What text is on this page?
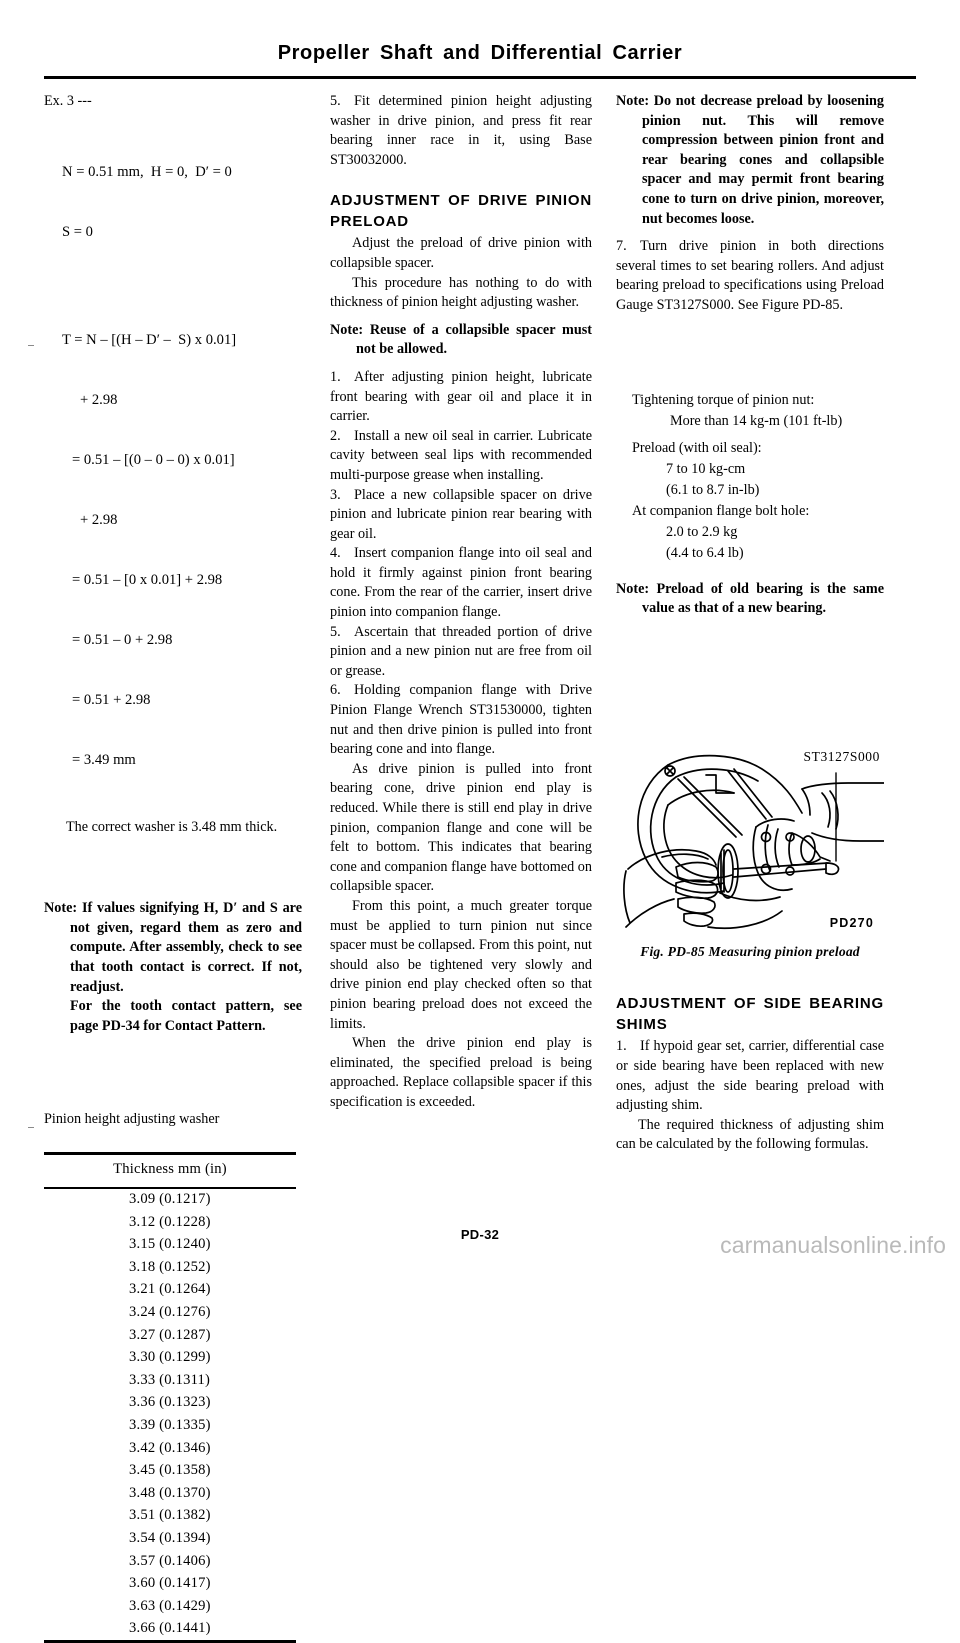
Propeller Shaft and Differential Carrier
Ex. 3 ---

N = 0.51 mm,  H = 0,  D′ = 0

S = 0

T = N – [(H – D′ –  S) x 0.01]

+ 2.98

= 0.51 – [(0 – 0 – 0) x 0.01]

+ 2.98

= 0.51 – [0 x 0.01] + 2.98

= 0.51 – 0 + 2.98

= 0.51 + 2.98

= 3.49 mm

The correct washer is 3.48 mm thick.

Note: If values signifying H, D′ and S are not given, regard them as zero and compute. After assembly, check to see that tooth contact is correct. If not, readjust.
For the tooth contact pattern, see page PD-34 for Contact Pattern.
Pinion height adjusting washer

Thickness mm (in)
3.09 (0.1217)
3.12 (0.1228)
3.15 (0.1240)
3.18 (0.1252)
3.21 (0.1264)
3.24 (0.1276)
3.27 (0.1287)
3.30 (0.1299)
3.33 (0.1311)
3.36 (0.1323)
3.39 (0.1335)
3.42 (0.1346)
3.45 (0.1358)
3.48 (0.1370)
3.51 (0.1382)
3.54 (0.1394)
3.57 (0.1406)
3.60 (0.1417)
3.63 (0.1429)
3.66 (0.1441)

5. Fit determined pinion height adjusting washer in drive pinion, and press fit rear bearing inner race in it, using Base ST30032000.

ADJUSTMENT OF DRIVE PINION PRELOAD

Adjust the preload of drive pinion with collapsible spacer.

This procedure has nothing to do with thickness of pinion height adjusting washer.

Note: Reuse of a collapsible spacer must not be allowed.

1. After adjusting pinion height, lubricate front bearing with gear oil and place it in carrier.

2. Install a new oil seal in carrier. Lubricate cavity between seal lips with recommended multi-purpose grease when installing.

3. Place a new collapsible spacer on drive pinion and lubricate pinion rear bearing with gear oil.

4. Insert companion flange into oil seal and hold it firmly against pinion front bearing cone. From the rear of the carrier, insert drive pinion into companion flange.

5. Ascertain that threaded portion of drive pinion and a new pinion nut are free from oil or grease.

6. Holding companion flange with Drive Pinion Flange Wrench ST31530000, tighten nut and then drive pinion is pulled into front bearing cone and into flange.

As drive pinion is pulled into front bearing cone, drive pinion end play is reduced. While there is still end play in drive pinion, companion flange and cone will be felt to bottom. This indicates that bearing cone and companion flange have bottomed on collapsible spacer.

From this point, a much greater torque must be applied to turn pinion nut since spacer must be collapsed. From this point, nut should also be tightened very slowly and drive pinion end play checked often so that pinion bearing preload does not exceed the limits.

When the drive pinion end play is eliminated, the specified preload is being approached. Replace collapsible spacer if this specification is exceeded.

Note: Do not decrease preload by loosening pinion nut. This will remove compression between pinion front and rear bearing cones and collapsible spacer and may permit front bearing cone to turn on drive pinion, moreover, nut becomes loose.

7. Turn drive pinion in both directions several times to set bearing rollers. And adjust bearing preload to specifications using Preload Gauge ST3127S000. See Figure PD-85.

Tightening torque of pinion nut:
More than 14 kg-m (101 ft-lb)
Preload (with oil seal):
7 to 10 kg-cm
(6.1 to 8.7 in-lb)
At companion flange bolt hole:
2.0 to 2.9 kg
(4.4 to 6.4 lb)
Note: Preload of old bearing is the same value as that of a new bearing.
ST3127S000
PD270
Fig. PD-85 Measuring pinion preload
ADJUSTMENT OF SIDE BEARING SHIMS

1. If hypoid gear set, carrier, differential case or side bearing have been replaced with new ones, adjust the side bearing preload with adjusting shim.

The required thickness of adjusting shim can be calculated by the following formulas.

PD-32	carmanualsonline.info
